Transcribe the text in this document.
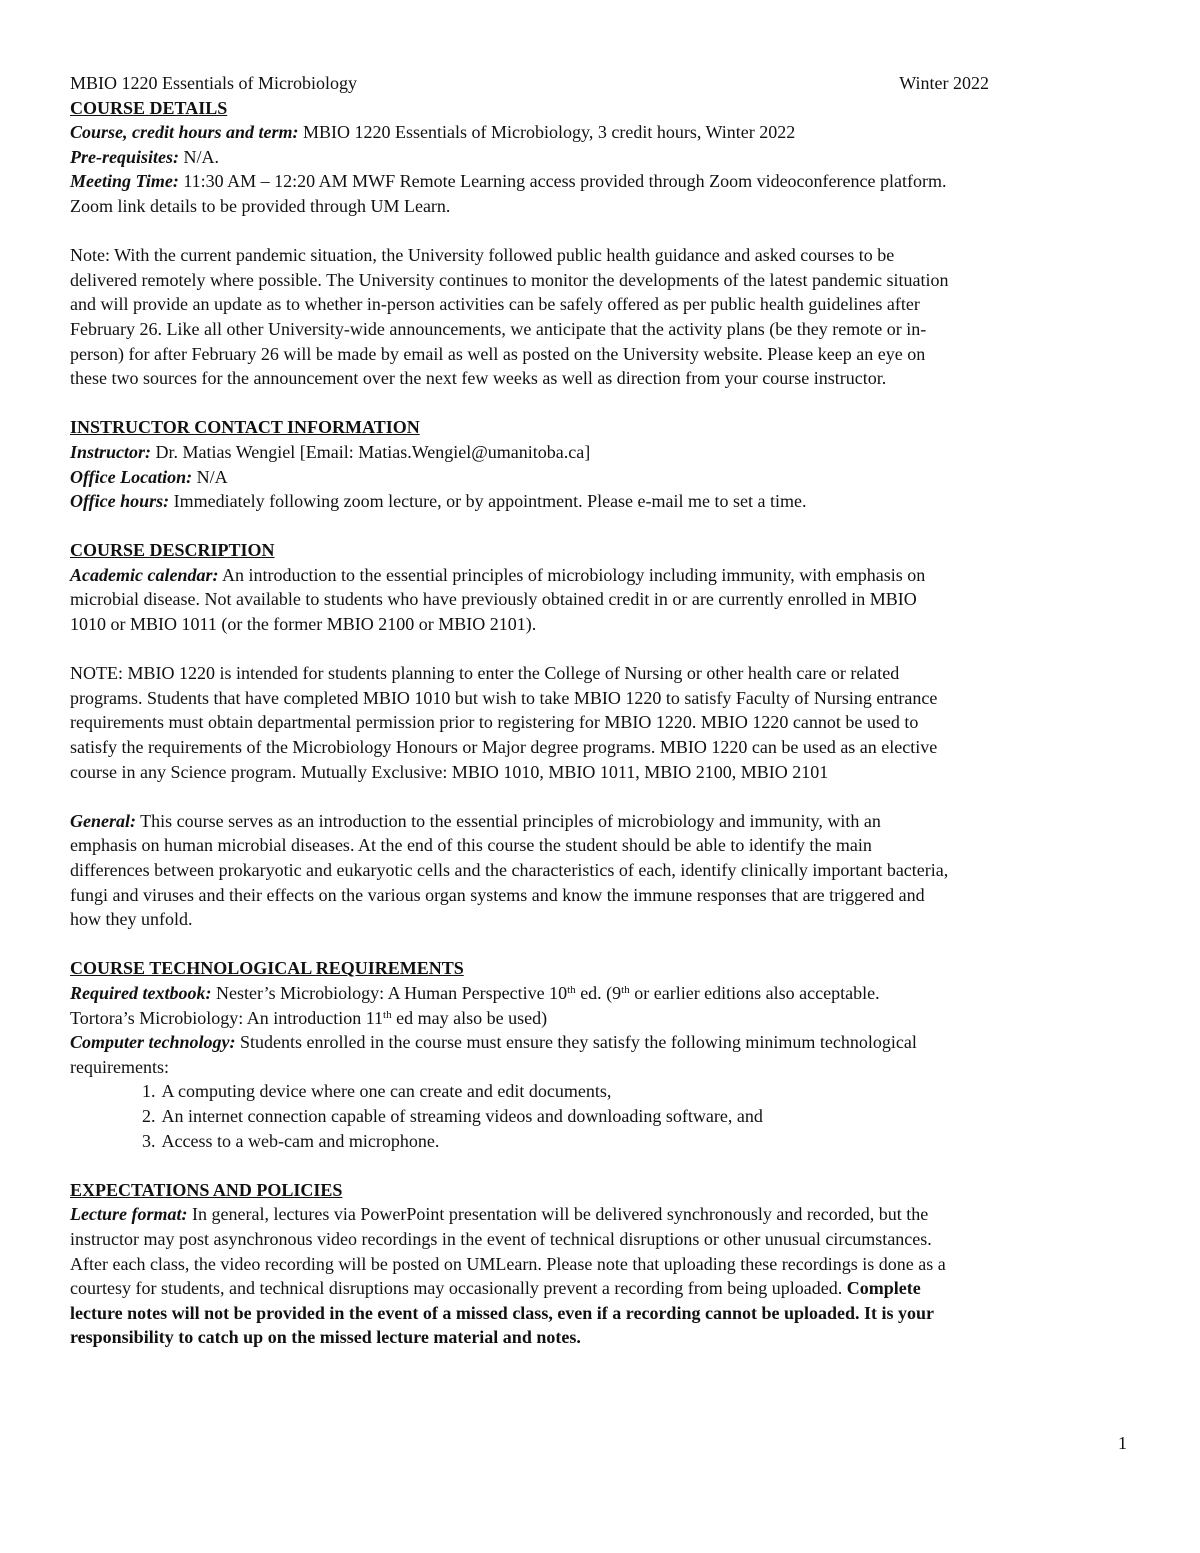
MBIO 1220 Essentials of Microbiology	Winter 2022
COURSE DETAILS
Course, credit hours and term: MBIO 1220 Essentials of Microbiology, 3 credit hours, Winter 2022
Pre-requisites: N/A.
Meeting Time: 11:30 AM – 12:20 AM MWF Remote Learning access provided through Zoom videoconference platform.
Zoom link details to be provided through UM Learn.
Note: With the current pandemic situation, the University followed public health guidance and asked courses to be
delivered remotely where possible. The University continues to monitor the developments of the latest pandemic situation
and will provide an update as to whether in-person activities can be safely offered as per public health guidelines after
February 26. Like all other University-wide announcements, we anticipate that the activity plans (be they remote or in-
person) for after February 26 will be made by email as well as posted on the University website. Please keep an eye on
these two sources for the announcement over the next few weeks as well as direction from your course instructor.
INSTRUCTOR CONTACT INFORMATION
Instructor: Dr. Matias Wengiel [Email: Matias.Wengiel@umanitoba.ca]
Office Location: N/A
Office hours: Immediately following zoom lecture, or by appointment. Please e-mail me to set a time.
COURSE DESCRIPTION
Academic calendar: An introduction to the essential principles of microbiology including immunity, with emphasis on
microbial disease. Not available to students who have previously obtained credit in or are currently enrolled in MBIO
1010 or MBIO 1011 (or the former MBIO 2100 or MBIO 2101).
NOTE: MBIO 1220 is intended for students planning to enter the College of Nursing or other health care or related
programs. Students that have completed MBIO 1010 but wish to take MBIO 1220 to satisfy Faculty of Nursing entrance
requirements must obtain departmental permission prior to registering for MBIO 1220. MBIO 1220 cannot be used to
satisfy the requirements of the Microbiology Honours or Major degree programs. MBIO 1220 can be used as an elective
course in any Science program. Mutually Exclusive: MBIO 1010, MBIO 1011, MBIO 2100, MBIO 2101
General: This course serves as an introduction to the essential principles of microbiology and immunity, with an
emphasis on human microbial diseases. At the end of this course the student should be able to identify the main
differences between prokaryotic and eukaryotic cells and the characteristics of each, identify clinically important bacteria,
fungi and viruses and their effects on the various organ systems and know the immune responses that are triggered and
how they unfold.
COURSE TECHNOLOGICAL REQUIREMENTS
Required textbook: Nester’s Microbiology: A Human Perspective 10th ed. (9th or earlier editions also acceptable.
Tortora’s Microbiology: An introduction 11th ed may also be used)
Computer technology: Students enrolled in the course must ensure they satisfy the following minimum technological
requirements:
1. A computing device where one can create and edit documents,
2. An internet connection capable of streaming videos and downloading software, and
3. Access to a web-cam and microphone.
EXPECTATIONS AND POLICIES
Lecture format: In general, lectures via PowerPoint presentation will be delivered synchronously and recorded, but the
instructor may post asynchronous video recordings in the event of technical disruptions or other unusual circumstances.
After each class, the video recording will be posted on UMLearn. Please note that uploading these recordings is done as a
courtesy for students, and technical disruptions may occasionally prevent a recording from being uploaded. Complete
lecture notes will not be provided in the event of a missed class, even if a recording cannot be uploaded. It is your
responsibility to catch up on the missed lecture material and notes.
1
